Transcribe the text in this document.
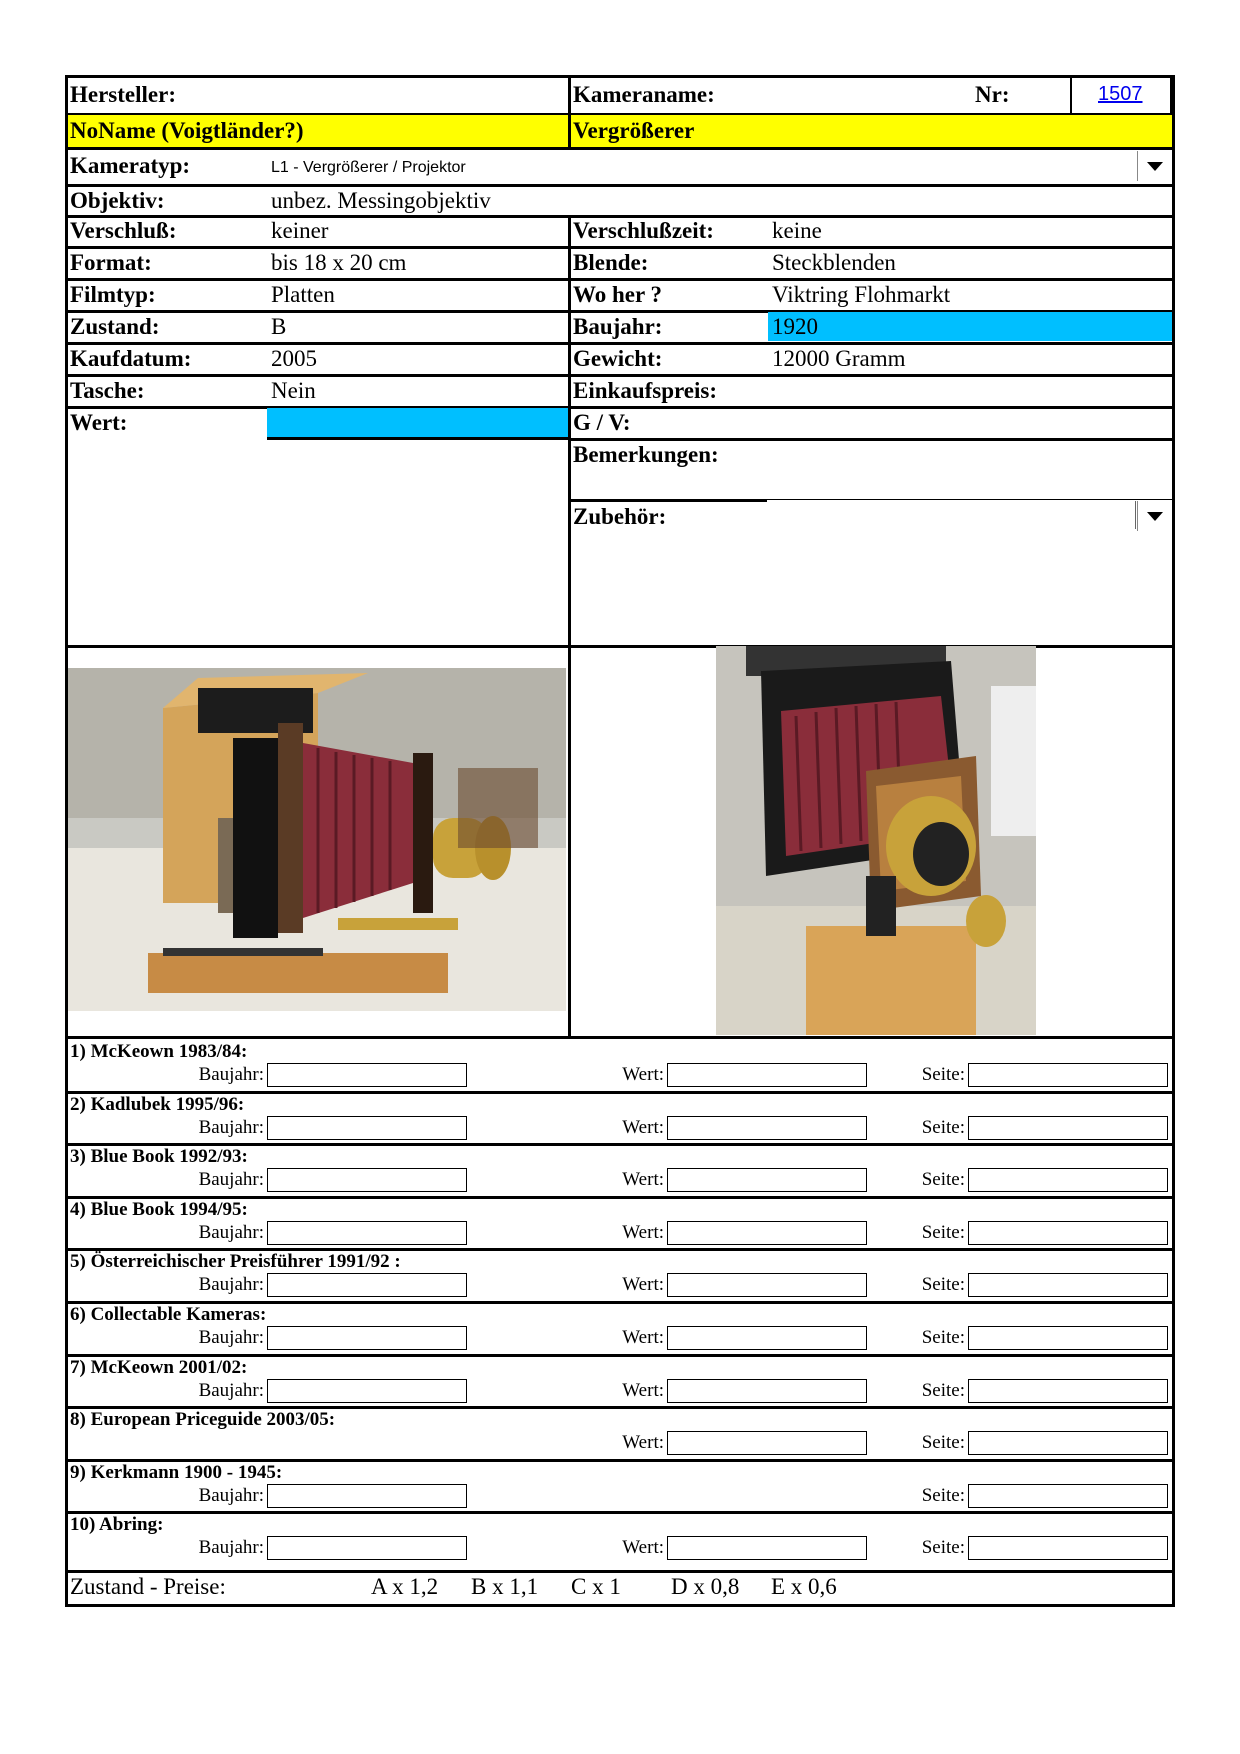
Hersteller:
NoName (Voigtländer?)
Kameraname:
Vergrößerer
Nr:	1507
Kameratyp:	L1 - Vergrößerer / Projektor
Objektiv:	unbez. Messingobjektiv
Verschluß:	keiner
Format:	bis 18 x 20 cm
Filmtyp:	Platten
Zustand:	B
Kaufdatum:	2005
Tasche:	Nein
Wert:
Verschlußzeit:	keine
Blende:	Steckblenden
Wo her ?	Viktring Flohmarkt
Baujahr:	1920
Gewicht:	12000 Gramm
Einkaufspreis:
G / V:
Bemerkungen:
Zubehör:
1) McKeown 1983/84:
Baujahr:	Wert:	Seite:
2) Kadlubek 1995/96:
Baujahr:	Wert:	Seite:
3) Blue Book 1992/93:
Baujahr:	Wert:	Seite:
4) Blue Book 1994/95:
Baujahr:	Wert:	Seite:
5) Österreichischer Preisführer 1991/92 :
Baujahr:	Wert:	Seite:
6) Collectable Kameras:
Baujahr:	Wert:	Seite:
7) McKeown 2001/02:
Baujahr:	Wert:	Seite:
8) European Priceguide 2003/05:
Wert:	Seite:
9) Kerkmann 1900 - 1945:
Baujahr:	Seite:
10) Abring:
Baujahr:	Wert:	Seite:
Zustand - Preise:	A x 1,2 B x 1,1 C x 1 D x 0,8 E x 0,6
